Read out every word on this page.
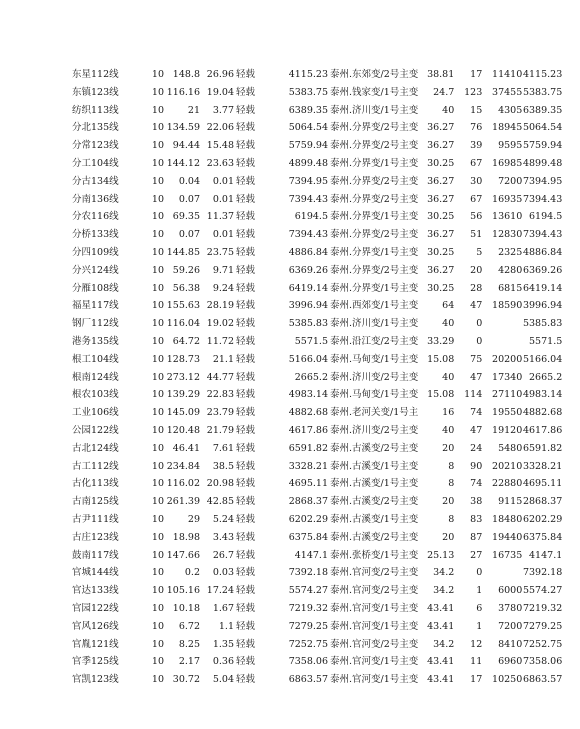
东星112线	10	148.8	26.96	轻载	4115.23	泰州.东郊变/2号主变	38.81	17	11410	4115.23
东镇123线	10	116.16	19.04	轻载	5383.75	泰州.钱家变/1号主变	24.7	123	37455	5383.75
纺织113线	10	21	3.77	轻载	6389.35	泰州.济川变/1号主变	40	15	4305	6389.35
分北135线	10	134.59	22.06	轻载	5064.54	泰州.分界变/2号主变	36.27	76	18945	5064.54
分常123线	10	94.44	15.48	轻载	5759.94	泰州.分界变/2号主变	36.27	39	9595	5759.94
分工104线	10	144.12	23.63	轻载	4899.48	泰州.分界变/1号主变	30.25	67	16985	4899.48
分古134线	10	0.04	0.01	轻载	7394.95	泰州.分界变/2号主变	36.27	30	7200	7394.95
分南136线	10	0.07	0.01	轻载	7394.43	泰州.分界变/2号主变	36.27	67	16935	7394.43
分农116线	10	69.35	11.37	轻载	6194.5	泰州.分界变/1号主变	30.25	56	13610	6194.5
分桥133线	10	0.07	0.01	轻载	7394.43	泰州.分界变/2号主变	36.27	51	12830	7394.43
分四109线	10	144.85	23.75	轻载	4886.84	泰州.分界变/1号主变	30.25	5	2325	4886.84
分兴124线	10	59.26	9.71	轻载	6369.26	泰州.分界变/2号主变	36.27	20	4280	6369.26
分雁108线	10	56.38	9.24	轻载	6419.14	泰州.分界变/1号主变	30.25	28	6815	6419.14
福星117线	10	155.63	28.19	轻载	3996.94	泰州.西郊变/1号主变	64	47	18590	3996.94
钢厂112线	10	116.04	19.02	轻载	5385.83	泰州.济川变/1号主变	40	0		5385.83
港务135线	10	64.72	11.72	轻载	5571.5	泰州.沿江变/2号主变	33.29	0		5571.5
根工104线	10	128.73	21.1	轻载	5166.04	泰州.马甸变/1号主变	15.08	75	20200	5166.04
根南124线	10	273.12	44.77	轻载	2665.2	泰州.济川变/2号主变	40	47	17340	2665.2
根农103线	10	139.29	22.83	轻载	4983.14	泰州.马甸变/1号主变	15.08	114	27110	4983.14
工业106线	10	145.09	23.79	轻载	4882.68	泰州.老河关变/1号主	16	74	19550	4882.68
公园122线	10	120.48	21.79	轻载	4617.86	泰州.济川变/2号主变	40	47	19120	4617.86
古北124线	10	46.41	7.61	轻载	6591.82	泰州.古溪变/2号主变	20	24	5480	6591.82
古工112线	10	234.84	38.5	轻载	3328.21	泰州.古溪变/1号主变	8	90	20210	3328.21
古化113线	10	116.02	20.98	轻载	4695.11	泰州.古溪变/1号主变	8	74	22880	4695.11
古南125线	10	261.39	42.85	轻载	2868.37	泰州.古溪变/2号主变	20	38	9115	2868.37
古尹111线	10	29	5.24	轻载	6202.29	泰州.古溪变/1号主变	8	83	18480	6202.29
古庄123线	10	18.98	3.43	轻载	6375.84	泰州.古溪变/2号主变	20	87	19440	6375.84
鼓南117线	10	147.66	26.7	轻载	4147.1	泰州.张桥变/1号主变	25.13	27	16735	4147.1
官城144线	10	0.2	0.03	轻载	7392.18	泰州.官河变/2号主变	34.2	0		7392.18
官达133线	10	105.16	17.24	轻载	5574.27	泰州.官河变/2号主变	34.2	1	6000	5574.27
官园122线	10	10.18	1.67	轻载	7219.32	泰州.官河变/1号主变	43.41	6	3780	7219.32
官风126线	10	6.72	1.1	轻载	7279.25	泰州.官河变/1号主变	43.41	1	7200	7279.25
官胤121线	10	8.25	1.35	轻载	7252.75	泰州.官河变/2号主变	34.2	12	8410	7252.75
官季125线	10	2.17	0.36	轻载	7358.06	泰州.官河变/1号主变	43.41	11	6960	7358.06
官凯123线	10	30.72	5.04	轻载	6863.57	泰州.官河变/1号主变	43.41	17	10250	6863.57
